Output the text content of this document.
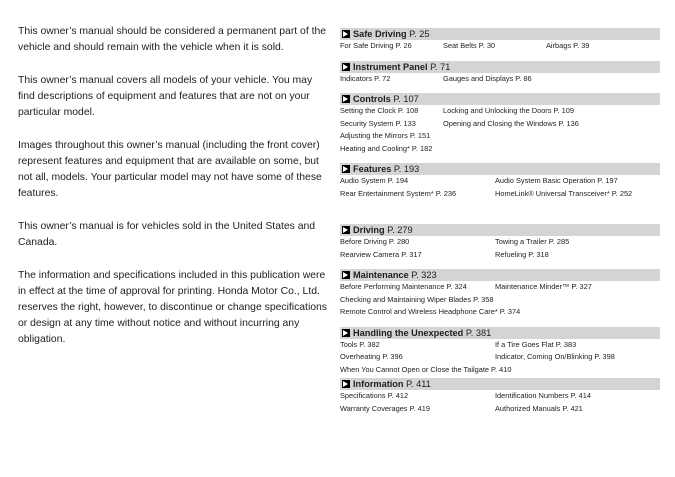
This owner’s manual should be considered a permanent part of the vehicle and should remain with the vehicle when it is sold.

This owner’s manual covers all models of your vehicle. You may find descriptions of equipment and features that are not on your particular model.

Images throughout this owner’s manual (including the front cover) represent features and equipment that are available on some, but not all, models. Your particular model may not have some of these features.

This owner’s manual is for vehicles sold in the United States and Canada.

The information and specifications included in this publication were in effect at the time of approval for printing. Honda Motor Co., Ltd. reserves the right, however, to discontinue or change specifications or design at any time without notice and without incurring any obligation.

Safe Driving P. 25
For Safe Driving P. 26	Seat Belts P. 30	Airbags P. 39
Instrument Panel P. 71
Indicators P. 72	Gauges and Displays P. 86
Controls P. 107
Setting the Clock P. 108	Locking and Unlocking the Doors P. 109
Security System P. 133	Opening and Closing the Windows P. 136
Adjusting the Mirrors P. 151
Heating and Cooling* P. 182
Features P. 193
Audio System P. 194	Audio System Basic Operation P. 197
Rear Entertainment System* P. 236	HomeLink® Universal Transceiver* P. 252
Driving P. 279
Before Driving P. 280	Towing a Trailer P. 285
Rearview Camera P. 317	Refueling P. 318
Maintenance P. 323
Before Performing Maintenance P. 324	Maintenance Minder™ P. 327
Checking and Maintaining Wiper Blades P. 358
Remote Control and Wireless Headphone Care* P. 374
Handling the Unexpected P. 381
Tools P. 382	If a Tire Goes Flat P. 383
Overheating P. 396	Indicator, Coming On/Blinking P. 398
When You Cannot Open or Close the Tailgate P. 410
Information P. 411
Specifications P. 412	Identification Numbers P. 414
Warranty Coverages P. 419	Authorized Manuals P. 421
